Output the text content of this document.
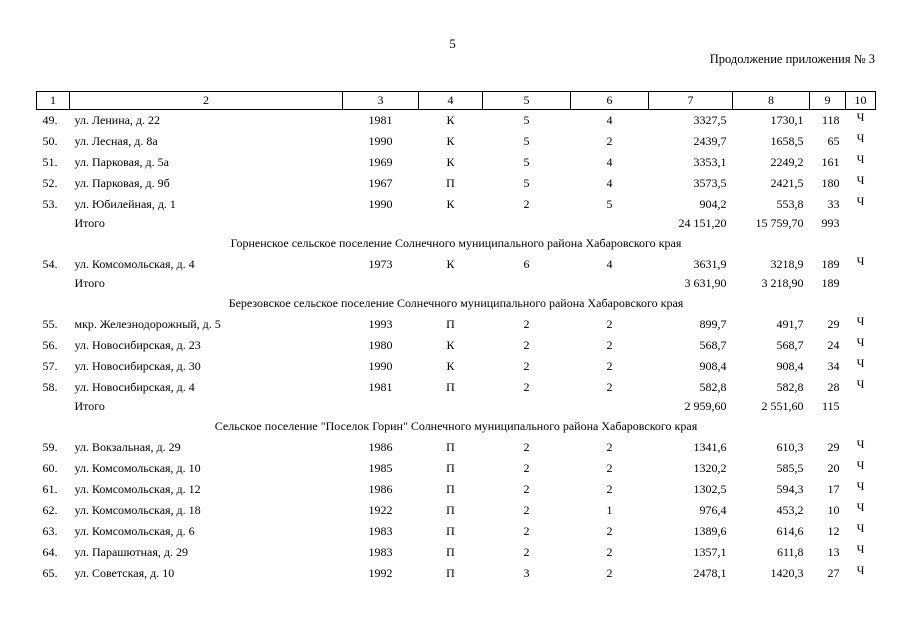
5
Продолжение приложения № 3
1	2	3	4	5	6	7	8	9	10
49.	ул. Ленина, д. 22	1981	К	5	4	3327,5	1730,1	118	Ч
50.	ул. Лесная, д. 8а	1990	К	5	2	2439,7	1658,5	65	Ч
51.	ул. Парковая, д. 5а	1969	К	5	4	3353,1	2249,2	161	Ч
52.	ул. Парковая, д. 9б	1967	П	5	4	3573,5	2421,5	180	Ч
53.	ул. Юбилейная, д. 1	1990	К	2	5	904,2	553,8	33	Ч
	Итого					24 151,20	15 759,70	993	
Горненское сельское поселение Солнечного муниципального района Хабаровского края									
54.	ул. Комсомольская, д. 4	1973	К	6	4	3631,9	3218,9	189	Ч
	Итого					3 631,90	3 218,90	189	
Березовское сельское поселение Солнечного муниципального района Хабаровского края									
55.	мкр. Железнодорожный, д. 5	1993	П	2	2	899,7	491,7	29	Ч
56.	ул. Новосибирская, д. 23	1980	К	2	2	568,7	568,7	24	Ч
57.	ул. Новосибирская, д. 30	1990	К	2	2	908,4	908,4	34	Ч
58.	ул. Новосибирская, д. 4	1981	П	2	2	582,8	582,8	28	Ч
	Итого					2 959,60	2 551,60	115	
Сельское поселение "Поселок Горин" Солнечного муниципального района Хабаровского края									
59.	ул. Вокзальная, д. 29	1986	П	2	2	1341,6	610,3	29	Ч
60.	ул. Комсомольская, д. 10	1985	П	2	2	1320,2	585,5	20	Ч
61.	ул. Комсомольская, д. 12	1986	П	2	2	1302,5	594,3	17	Ч
62.	ул. Комсомольская, д. 18	1922	П	2	1	976,4	453,2	10	Ч
63.	ул. Комсомольская, д. 6	1983	П	2	2	1389,6	614,6	12	Ч
64.	ул. Парашютная, д. 29	1983	П	2	2	1357,1	611,8	13	Ч
65.	ул. Советская, д. 10	1992	П	3	2	2478,1	1420,3	27	Ч
